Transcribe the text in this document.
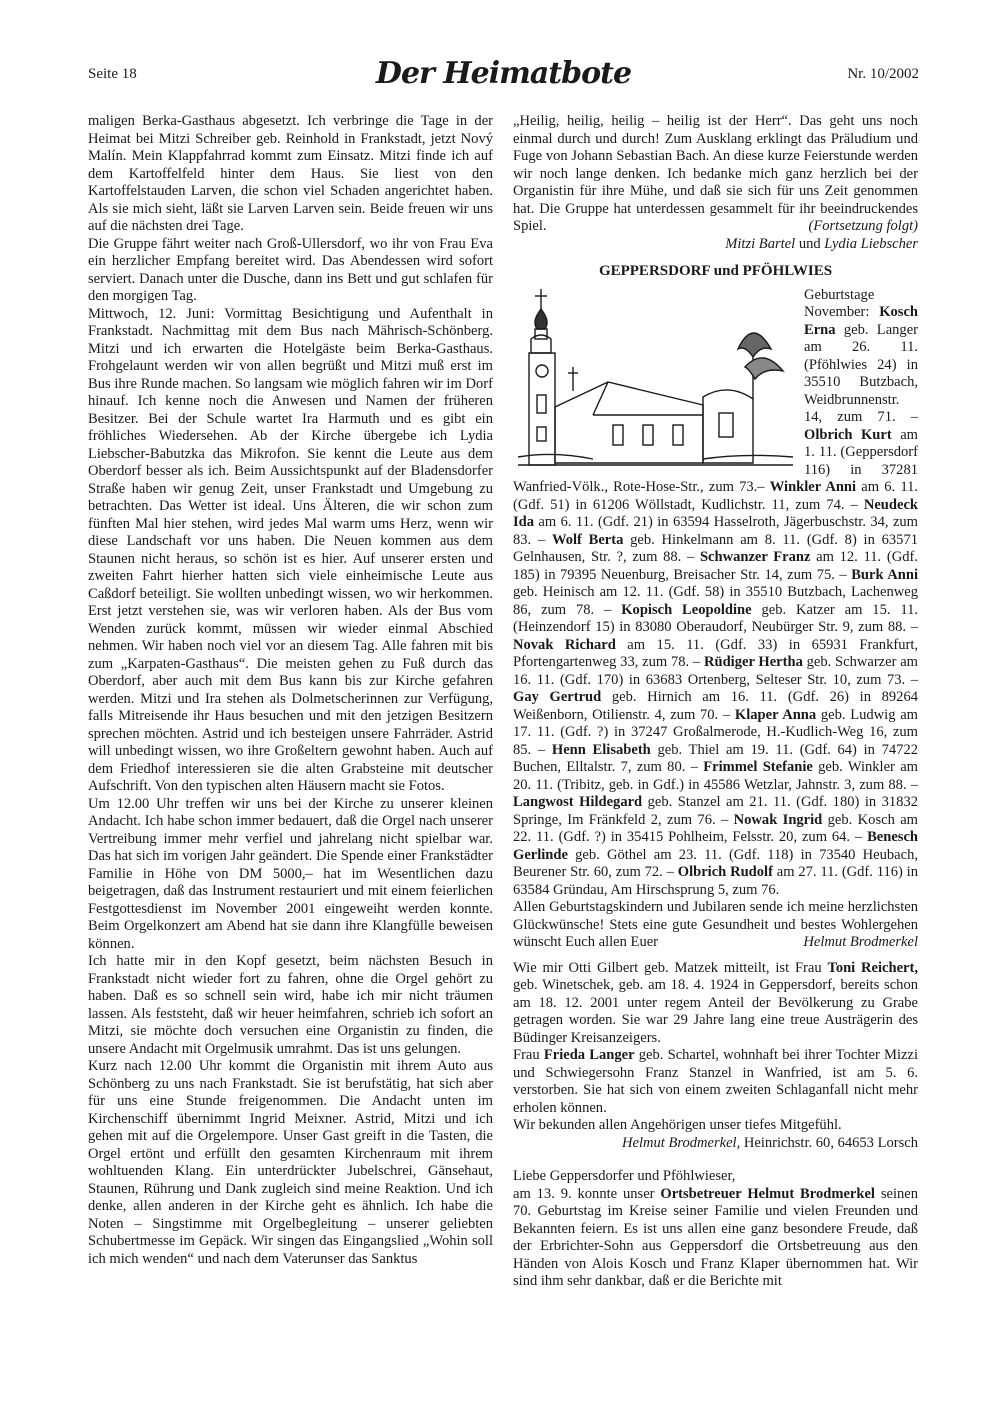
Seite 18	Der Heimatbote	Nr. 10/2002

maligen Berka-Gasthaus abgesetzt. Ich verbringe die Tage in der Heimat bei Mitzi Schreiber geb. Reinhold in Frankstadt, jetzt Nový Malín. Mein Klappfahrrad kommt zum Einsatz. Mitzi finde ich auf dem Kartoffelfeld hinter dem Haus. Sie liest von den Kartoffelstauden Larven, die schon viel Schaden angerichtet haben. Als sie mich sieht, läßt sie Larven Larven sein. Beide freuen wir uns auf die nächsten drei Tage.

Die Gruppe fährt weiter nach Groß-Ullersdorf, wo ihr von Frau Eva ein herzlicher Empfang bereitet wird. Das Abendessen wird sofort serviert. Danach unter die Dusche, dann ins Bett und gut schlafen für den morgigen Tag.

Mittwoch, 12. Juni: Vormittag Besichtigung und Aufenthalt in Frankstadt. Nachmittag mit dem Bus nach Mährisch-Schönberg. Mitzi und ich erwarten die Hotelgäste beim Berka-Gasthaus. Frohgelaunt werden wir von allen begrüßt und Mitzi muß erst im Bus ihre Runde machen. So langsam wie möglich fahren wir im Dorf hinauf. Ich kenne noch die Anwesen und Namen der früheren Besitzer. Bei der Schule wartet Ira Harmuth und es gibt ein fröhliches Wiedersehen. Ab der Kirche übergebe ich Lydia Liebscher-Babutzka das Mikrofon. Sie kennt die Leute aus dem Oberdorf besser als ich. Beim Aussichtspunkt auf der Bladensdorfer Straße haben wir genug Zeit, unser Frankstadt und Umgebung zu betrachten. Das Wetter ist ideal. Uns Älteren, die wir schon zum fünften Mal hier stehen, wird jedes Mal warm ums Herz, wenn wir diese Landschaft vor uns haben. Die Neuen kommen aus dem Staunen nicht heraus, so schön ist es hier. Auf unserer ersten und zweiten Fahrt hierher hatten sich viele einheimische Leute aus Caßdorf beteiligt. Sie wollten unbedingt wissen, wo wir herkommen. Erst jetzt verstehen sie, was wir verloren haben. Als der Bus vom Wenden zurück kommt, müssen wir wieder einmal Abschied nehmen. Wir haben noch viel vor an diesem Tag. Alle fahren mit bis zum „Karpaten-Gasthaus“. Die meisten gehen zu Fuß durch das Oberdorf, aber auch mit dem Bus kann bis zur Kirche gefahren werden. Mitzi und Ira stehen als Dolmetscherinnen zur Verfügung, falls Mitreisende ihr Haus besuchen und mit den jetzigen Besitzern sprechen möchten. Astrid und ich besteigen unsere Fahrräder. Astrid will unbedingt wissen, wo ihre Großeltern gewohnt haben. Auch auf dem Friedhof interessieren sie die alten Grabsteine mit deutscher Aufschrift. Von den typischen alten Häusern macht sie Fotos.

Um 12.00 Uhr treffen wir uns bei der Kirche zu unserer kleinen Andacht. Ich habe schon immer bedauert, daß die Orgel nach unserer Vertreibung immer mehr verfiel und jahrelang nicht spielbar war. Das hat sich im vorigen Jahr geändert. Die Spende einer Frankstädter Familie in Höhe von DM 5000,– hat im Wesentlichen dazu beigetragen, daß das Instrument restauriert und mit einem feierlichen Festgottesdienst im November 2001 eingeweiht werden konnte. Beim Orgelkonzert am Abend hat sie dann ihre Klangfülle beweisen können.

Ich hatte mir in den Kopf gesetzt, beim nächsten Besuch in Frankstadt nicht wieder fort zu fahren, ohne die Orgel gehört zu haben. Daß es so schnell sein wird, habe ich mir nicht träumen lassen. Als feststeht, daß wir heuer heimfahren, schrieb ich sofort an Mitzi, sie möchte doch versuchen eine Organistin zu finden, die unsere Andacht mit Orgelmusik umrahmt. Das ist uns gelungen.

Kurz nach 12.00 Uhr kommt die Organistin mit ihrem Auto aus Schönberg zu uns nach Frankstadt. Sie ist berufstätig, hat sich aber für uns eine Stunde freigenommen. Die Andacht unten im Kirchenschiff übernimmt Ingrid Meixner. Astrid, Mitzi und ich gehen mit auf die Orgelempore. Unser Gast greift in die Tasten, die Orgel ertönt und erfüllt den gesamten Kirchenraum mit ihrem wohltuenden Klang. Ein unterdrückter Jubelschrei, Gänsehaut, Staunen, Rührung und Dank zugleich sind meine Reaktion. Und ich denke, allen anderen in der Kirche geht es ähnlich. Ich habe die Noten – Singstimme mit Orgelbegleitung – unserer geliebten Schubertmesse im Gepäck. Wir singen das Eingangslied „Wohin soll ich mich wenden“ und nach dem Vaterunser das Sanktus

„Heilig, heilig, heilig – heilig ist der Herr“. Das geht uns noch einmal durch und durch! Zum Ausklang erklingt das Präludium und Fuge von Johann Sebastian Bach. An diese kurze Feierstunde werden wir noch lange denken. Ich bedanke mich ganz herzlich bei der Organistin für ihre Mühe, und daß sie sich für uns Zeit genommen hat. Die Gruppe hat unterdessen gesammelt für ihr beeindruckendes Spiel.	(Fortsetzung folgt)

Mitzi Bartel und Lydia Liebscher

GEPPERSDORF und PFÖHLWIES

Geburtstage November: Kosch Erna geb. Langer am 26. 11. (Pföhlwies 24) in 35510 Butzbach, Weidbrunnenstr. 14, zum 71. – Olbrich Kurt am 1. 11. (Geppersdorf 116) in 37281 Wanfried-Völk., Rote-Hose-Str., zum 73.– Winkler Anni am 6. 11. (Gdf. 51) in 61206 Wöllstadt, Kudlichstr. 11, zum 74. – Neudeck Ida am 6. 11. (Gdf. 21) in 63594 Hasselroth, Jägerbuschstr. 34, zum 83. – Wolf Berta geb. Hinkelmann am 8. 11. (Gdf. 8) in 63571 Gelnhausen, Str. ?, zum 88. – Schwanzer Franz am 12. 11. (Gdf. 185) in 79395 Neuenburg, Breisacher Str. 14, zum 75. – Burk Anni geb. Heinisch am 12. 11. (Gdf. 58) in 35510 Butzbach, Lachenweg 86, zum 78. – Kopisch Leopoldine geb. Katzer am 15. 11. (Heinzendorf 15) in 83080 Oberaudorf, Neubürger Str. 9, zum 88. – Novak Richard am 15. 11. (Gdf. 33) in 65931 Frankfurt, Pfortengartenweg 33, zum 78. – Rüdiger Hertha geb. Schwarzer am 16. 11. (Gdf. 170) in 63683 Ortenberg, Selteser Str. 10, zum 73. – Gay Gertrud geb. Hirnich am 16. 11. (Gdf. 26) in 89264 Weißenborn, Otilienstr. 4, zum 70. – Klaper Anna geb. Ludwig am 17. 11. (Gdf. ?) in 37247 Großalmerode, H.-Kudlich-Weg 16, zum 85. – Henn Elisabeth geb. Thiel am 19. 11. (Gdf. 64) in 74722 Buchen, Elltalstr. 7, zum 80. – Frimmel Stefanie geb. Winkler am 20. 11. (Tribitz, geb. in Gdf.) in 45586 Wetzlar, Jahnstr. 3, zum 88. – Langwost Hildegard geb. Stanzel am 21. 11. (Gdf. 180) in 31832 Springe, Im Fränkfeld 2, zum 76. – Nowak Ingrid geb. Kosch am 22. 11. (Gdf. ?) in 35415 Pohlheim, Felsstr. 20, zum 64. – Benesch Gerlinde geb. Göthel am 23. 11. (Gdf. 118) in 73540 Heubach, Beurener Str. 60, zum 72. – Olbrich Rudolf am 27. 11. (Gdf. 116) in 63584 Gründau, Am Hirschsprung 5, zum 76.

Allen Geburtstagskindern und Jubilaren sende ich meine herzlichsten Glückwünsche! Stets eine gute Gesundheit und bestes Wohlergehen wünscht Euch allen Euer	Helmut Brodmerkel

Wie mir Otti Gilbert geb. Matzek mitteilt, ist Frau Toni Reichert, geb. Winetschek, geb. am 18. 4. 1924 in Geppersdorf, bereits schon am 18. 12. 2001 unter regem Anteil der Bevölkerung zu Grabe getragen worden. Sie war 29 Jahre lang eine treue Austrägerin des Büdinger Kreisanzeigers.

Frau Frieda Langer geb. Schartel, wohnhaft bei ihrer Tochter Mizzi und Schwiegersohn Franz Stanzel in Wanfried, ist am 5. 6. verstorben. Sie hat sich von einem zweiten Schlaganfall nicht mehr erholen können.

Wir bekunden allen Angehörigen unser tiefes Mitgefühl.

Helmut Brodmerkel, Heinrichstr. 60, 64653 Lorsch

Liebe Geppersdorfer und Pföhlwieser,

am 13. 9. konnte unser Ortsbetreuer Helmut Brodmerkel seinen 70. Geburtstag im Kreise seiner Familie und vielen Freunden und Bekannten feiern. Es ist uns allen eine ganz besondere Freude, daß der Erbrichter-Sohn aus Geppersdorf die Ortsbetreuung aus den Händen von Alois Kosch und Franz Klaper übernommen hat. Wir sind ihm sehr dankbar, daß er die Berichte mit
